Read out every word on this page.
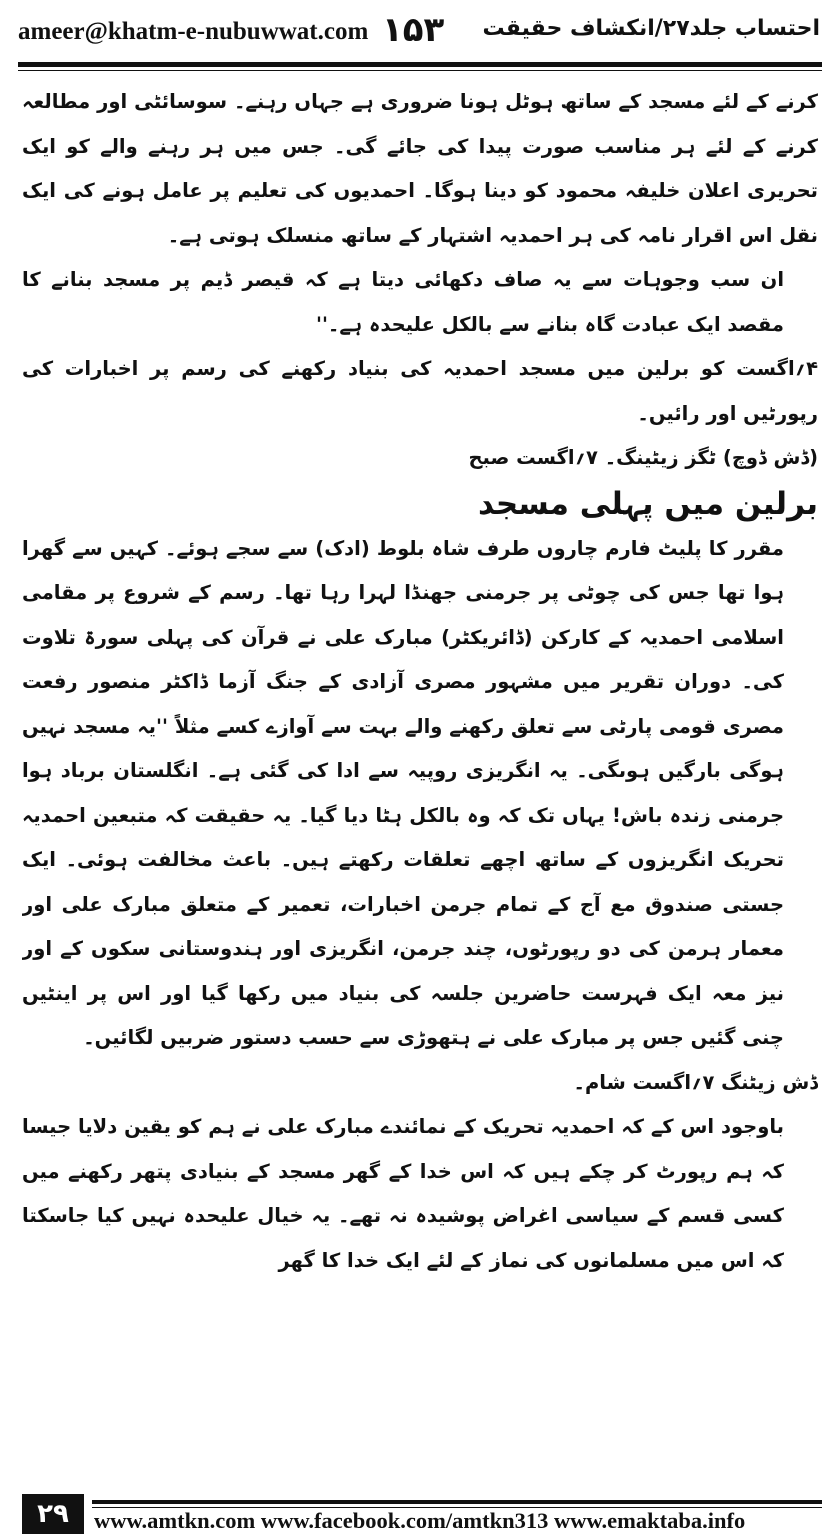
ameer@khatm-e-nubuwwat.com ۱۵۳ احتساب جلد۲۷/انکشاف حقیقت

کرنے کے لئے مسجد کے ساتھ ہوٹل ہونا ضروری ہے جہاں رہنے۔ سوسائٹی اور مطالعہ کرنے کے لئے ہر مناسب صورت پیدا کی جائے گی۔ جس میں ہر رہنے والے کو ایک تحریری اعلان خلیفہ محمود کو دینا ہوگا۔ احمدیوں کی تعلیم پر عامل ہونے کی ایک نقل اس اقرار نامہ کی ہر احمدیہ اشتہار کے ساتھ منسلک ہوتی ہے۔

ان سب وجوہات سے یہ صاف دکھائی دیتا ہے کہ قیصر ڈیم پر مسجد بنانے کا مقصد ایک عبادت گاہ بنانے سے بالکل علیحدہ ہے۔''

۴؍اگست کو برلین میں مسجد احمدیہ کی بنیاد رکھنے کی رسم پر اخبارات کی رپورٹیں اور رائیں۔

(ڈش ڈوچ) ٹگز زیٹینگ۔ ۷؍اگست صبح

برلین میں پہلی مسجد

مقرر کا پلیٹ فارم چاروں طرف شاہ بلوط (ادک) سے سجے ہوئے۔ کہیں سے گھرا ہوا تھا جس کی چوٹی پر جرمنی جھنڈا لہرا رہا تھا۔ رسم کے شروع پر مقامی اسلامی احمدیہ کے کارکن (ڈائریکٹر) مبارک علی نے قرآن کی پہلی سورۃ تلاوت کی۔ دوران تقریر میں مشہور مصری آزادی کے جنگ آزما ڈاکٹر منصور رفعت مصری قومی پارٹی سے تعلق رکھنے والے بہت سے آوازے کسے مثلاً ''یہ مسجد نہیں ہوگی بارگیں ہوںگی۔ یہ انگریزی روپیہ سے ادا کی گئی ہے۔ انگلستان برباد ہوا جرمنی زندہ باش! یہاں تک کہ وہ بالکل ہٹا دیا گیا۔ یہ حقیقت کہ متبعین احمدیہ تحریک انگریزوں کے ساتھ اچھے تعلقات رکھتے ہیں۔ باعث مخالفت ہوئی۔ ایک جستی صندوق مع آج کے تمام جرمن اخبارات، تعمیر کے متعلق مبارک علی اور معمار ہرمن کی دو رپورٹوں، چند جرمن، انگریزی اور ہندوستانی سکوں کے اور نیز معہ ایک فہرست حاضرین جلسہ کی بنیاد میں رکھا گیا اور اس پر اینٹیں چنی گئیں جس پر مبارک علی نے ہتھوڑی سے حسب دستور ضربیں لگائیں۔

ڈش زیٹنگ ۷؍اگست شام۔

باوجود اس کے کہ احمدیہ تحریک کے نمائندے مبارک علی نے ہم کو یقین دلایا جیسا کہ ہم رپورٹ کر چکے ہیں کہ اس خدا کے گھر مسجد کے بنیادی پتھر رکھنے میں کسی قسم کے سیاسی اغراض پوشیدہ نہ تھے۔ یہ خیال علیحدہ نہیں کیا جاسکتا کہ اس میں مسلمانوں کی نماز کے لئے ایک خدا کا گھر

۲۹	www.amtkn.com www.facebook.com/amtkn313 www.emaktaba.info
